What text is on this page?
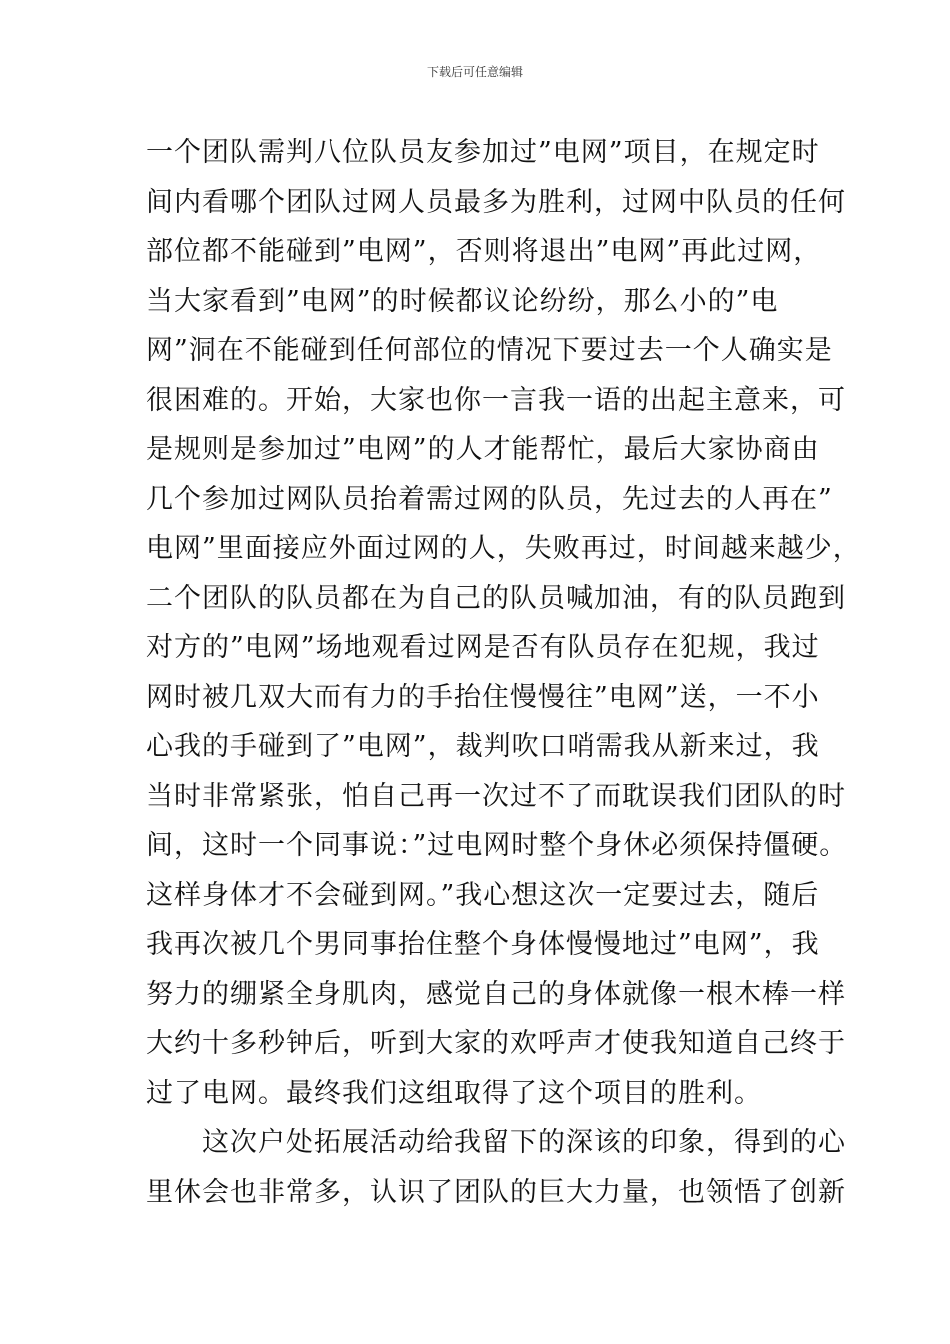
下载后可任意编辑
一个团队需判八位队员友参加过”电网”项目，在规定时
间内看哪个团队过网人员最多为胜利，过网中队员的任何
部位都不能碰到”电网”，否则将退出”电网”再此过网，
当大家看到”电网”的时候都议论纷纷，那么小的”电
网”洞在不能碰到任何部位的情况下要过去一个人确实是
很困难的。开始，大家也你一言我一语的出起主意来，可
是规则是参加过”电网”的人才能帮忙，最后大家协商由
几个参加过网队员抬着需过网的队员，先过去的人再在”
电网”里面接应外面过网的人，失败再过，时间越来越少，
二个团队的队员都在为自己的队员喊加油，有的队员跑到
对方的”电网”场地观看过网是否有队员存在犯规，我过
网时被几双大而有力的手抬住慢慢往”电网”送，一不小
心我的手碰到了”电网”，裁判吹口哨需我从新来过，我
当时非常紧张，怕自己再一次过不了而耽误我们团队的时
间，这时一个同事说：”过电网时整个身休必须保持僵硬。
这样身体才不会碰到网。”我心想这次一定要过去，随后
我再次被几个男同事抬住整个身体慢慢地过”电网”，我
努力的绷紧全身肌肉，感觉自己的身体就像一根木棒一样
大约十多秒钟后，听到大家的欢呼声才使我知道自己终于
过了电网。最终我们这组取得了这个项目的胜利。
这次户处拓展活动给我留下的深该的印象，得到的心
里休会也非常多，认识了团队的巨大力量，也领悟了创新
